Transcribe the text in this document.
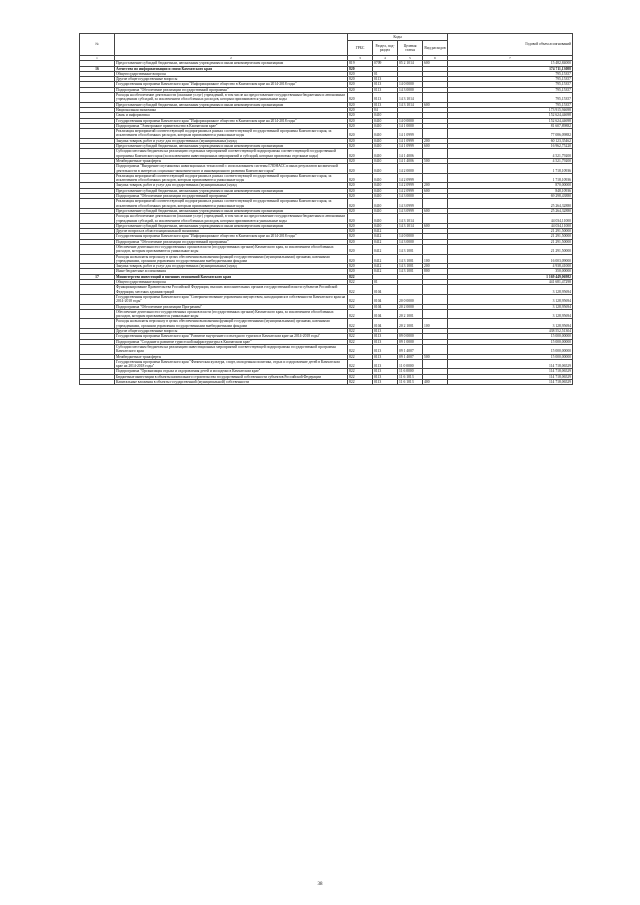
№		Коды				Годовой объем ассигнований
		ГРБС	Раздел, под-раздел	Целевая статья	Вид расходов	
1	2	3	4	5	6	7
	Предоставление субсидий бюджетным, автономным учреждениям и иным некоммерческим организациям	819	0709	05 2 1014	600	15 482,84000
16	Агентство по информатизации и связи Камчатского края	820				174 711,13088
	Общегосударственные вопросы	820	01			795,15357
	Другие общегосударственные вопросы	820	0113			795,15357
	Государственная программа Камчатского края "Информационное общество в Камчатском крае на 2014-2018 годы"	820	0113	14 0 0000		795,15357
	Подпрограмма "Обеспечение реализации государственной программы"	820	0113	14 3 0000		795,15357
	Расходы на обеспечение деятельности (оказание услуг) учреждений, в том числе на предоставление государственным бюджетным и автономным учреждениям субсидий, за исключением обособленных расходов, которым присваиваются уникальные коды	820	0113	14 3 1014		795,15357
	Предоставление субсидий бюджетным, автономным учреждениям и иным некоммерческим организациям	820	0113	14 3 1014	600	795,15357
	Национальная экономика	820	04			173 915,94698
	Связь и информатика	820	0410			152 624,44698
	Государственная программа Камчатского края "Информационное общество в Камчатском крае на 2014-2018 годы"	820	0410	14 0 0000		152 624,44698
	Подпрограмма "Электронное правительство в Камчатском крае"	820	0410	14 1 0000		81 607,89882
	Реализация мероприятий соответствующей подпрограммы в рамках соответствующей государственной программы Камчатского края, за исключением обособленных расходов, которым присваиваются уникальные коды	820	0410	14 1 0999		77 086,09882
	Закупка товаров, работ и услуг для государственных (муниципальных) нужд	820	0410	14 1 0999	200	60 123,35462
	Предоставление субсидий бюджетным, автономным учреждениям и иным некоммерческим организациям	820	0410	14 1 0999	600	16 962,75220
	Субсидии местным бюджетам на реализацию отдельных мероприятий соответствующей подпрограммы соответствующей государственной программы Камчатского края (за исключением инвестиционных мероприятий и субсидий, которым присвоены отдельные коды)	820	0410	14 1 4006		4 521,79200
	Межбюджетные трансферты	820	0410	14 1 4006	500	4 521,79200
	Подпрограмма "Внедрение спутниковых навигационных технологий с использованием системы ГЛОНАСС и иных результатов космической деятельности в интересах социально-экономического и инновационного развития Камчатского края"	820	0410	14 2 0000		1 718,10936
	Реализация мероприятий соответствующей подпрограммы в рамках соответствующей государственной программы Камчатского края, за исключением обособленных расходов, которым присваиваются уникальные коды	820	0410	14 2 0999		1 718,10936
	Закупка товаров, работ и услуг для государственных (муниципальных) нужд	820	0410	14 2 0999	200	870,00000
	Предоставление субсидий бюджетным, автономным учреждениям и иным некоммерческим организациям	820	0410	14 2 0999	600	848,10936
	Подпрограмма "Обеспечение реализации государственной программы"	820	0410	14 3 0000		69 298,43880
	Реализация мероприятий соответствующей подпрограммы в рамках соответствующей государственной программы Камчатского края, за исключением обособленных расходов, которым присваиваются уникальные коды	820	0410	14 3 0999		25 264,32880
	Предоставление субсидий бюджетным, автономным учреждениям и иным некоммерческим организациям	820	0410	14 3 0999	600	25 264,32880
	Расходы на обеспечение деятельности (оказание услуг) учреждений, в том числе на предоставление государственным бюджетным и автономным учреждениям субсидий, за исключением обособленных расходов, которым присваиваются уникальные коды	820	0410	14 3 1014		44 034,11000
	Предоставление субсидий бюджетным, автономным учреждениям и иным некоммерческим организациям	820	0410	14 3 1014	600	44 034,11000
	Другие вопросы в области национальной экономики	820	0412			21 291,50000
	Государственная программа Камчатского края "Информационное общество в Камчатском крае на 2014-2018 годы"	820	0412	14 0 0000		21 291,50000
	Подпрограмма "Обеспечение реализации государственной программы"	820	0412	14 3 0000		21 291,50000
	Обеспечение деятельности государственных органов власти (государственных органов) Камчатского края, за исключением обособленных расходов, которым присваиваются уникальные коды	820	0412	14 3 1001		21 291,50000
	Расходы на выплаты персоналу в целях обеспечения выполнения функций государственными (муниципальными) органами, казенными учреждениями, органами управления государственными внебюджетными фондами	820	0412	14 3 1001	100	16 003,09000
	Закупка товаров, работ и услуг для государственных (муниципальных) нужд	820	0412	14 3 1001	200	4 938,41000
	Иные бюджетные ассигнования	820	0412	14 3 1001	800	350,00000
17	Министерство инвестиций и внешних отношений Камчатского края	822				1 169 449,06982
	Общегосударственные вопросы	822	01			441 681,47298
	Функционирование Правительства Российской Федерации, высших исполнительных органов государственной власти субъектов Российской Федерации, местных администраций	822	0104			3 128,95694
	Государственная программа Камчатского края "Совершенствование управления имуществом, находящимся в собственности Камчатского края на 2014-2018 годы"	822	0104	20 0 0000		3 128,95694
	Подпрограмма "Обеспечение реализации Программы"	822	0104	20 2 0000		3 128,95694
	Обеспечение деятельности государственных органов власти (государственных органов) Камчатского края, за исключением обособленных расходов, которым присваиваются уникальные коды	822	0104	20 2 1001		3 128,95694
	Расходы на выплаты персоналу в целях обеспечения выполнения функций государственными (муниципальными) органами, казенными учреждениями, органами управления государственными внебюджетными фондами	822	0104	20 2 1001	100	3 128,95694
	Другие общегосударственные вопросы	822	0113			438 552,51304
	Государственная программа Камчатского края "Развитие внутреннего и въездного туризма в Камчатском крае на 2014-2018 годы"	822	0113	09 0 0000		15 000,00000
	Подпрограмма "Создание и развитие туристской инфраструктуры в Камчатском крае"	822	0113	09 1 0000		15 000,00000
	Субсидии местным бюджетам на реализацию инвестиционных мероприятий соответствующей подпрограммы государственной программы Камчатского края	822	0113	09 1 4007		15 000,00000
	Межбюджетные трансферты	822	0113	09 1 4007	500	15 000,00000
	Государственная программа Камчатского края "Физическая культура, спорт, молодежная политика, отдых и оздоровление детей в Камчатском крае на 2014-2018 годы"	822	0113	11 0 0000		114 718,06529
	Подпрограмма "Организация отдыха и оздоровления детей и молодежи в Камчатском крае"	822	0113	11 6 0000		114 718,06529
	Бюджетные инвестиции в объекты капитального строительства государственной собственности субъектов Российской Федерации	822	0113	11 6 1013		114 718,06529
	Капитальные вложения в объекты государственной (муниципальной) собственности	822	0113	11 6 1013	400	114 718,06529
38
